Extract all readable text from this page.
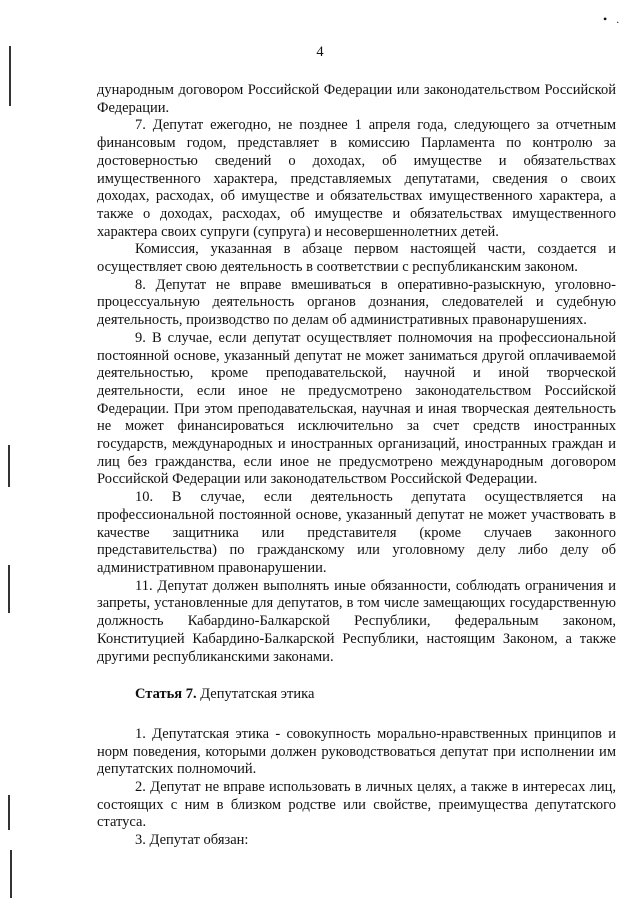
• .
4

дународным договором Российской Федерации или законодательством Российской Федерации.

7. Депутат ежегодно, не позднее 1 апреля года, следующего за отчетным финансовым годом, представляет в комиссию Парламента по контролю за достоверностью сведений о доходах, об имуществе и обязательствах имущественного характера, представляемых депутатами, сведения о своих доходах, расходах, об имуществе и обязательствах имущественного характера, а также о доходах, расходах, об имуществе и обязательствах имущественного характера своих супруги (супруга) и несовершеннолетних детей.

Комиссия, указанная в абзаце первом настоящей части, создается и осуществляет свою деятельность в соответствии с республиканским законом.

8. Депутат не вправе вмешиваться в оперативно-разыскную, уголовно-процессуальную деятельность органов дознания, следователей и судебную деятельность, производство по делам об административных правонарушениях.

9. В случае, если депутат осуществляет полномочия на профессиональной постоянной основе, указанный депутат не может заниматься другой оплачиваемой деятельностью, кроме преподавательской, научной и иной творческой деятельности, если иное не предусмотрено законодательством Российской Федерации. При этом преподавательская, научная и иная творческая деятельность не может финансироваться исключительно за счет средств иностранных государств, международных и иностранных организаций, иностранных граждан и лиц без гражданства, если иное не предусмотрено международным договором Российской Федерации или законодательством Российской Федерации.

10. В случае, если деятельность депутата осуществляется на профессиональной постоянной основе, указанный депутат не может участвовать в качестве защитника или представителя (кроме случаев законного представительства) по гражданскому или уголовному делу либо делу об административном правонарушении.

11. Депутат должен выполнять иные обязанности, соблюдать ограничения и запреты, установленные для депутатов, в том числе замещающих государственную должность Кабардино-Балкарской Республики, федеральным законом, Конституцией Кабардино-Балкарской Республики, настоящим Законом, а также другими республиканскими законами.

Статья 7. Депутатская этика

1. Депутатская этика - совокупность морально-нравственных принципов и норм поведения, которыми должен руководствоваться депутат при исполнении им депутатских полномочий.

2. Депутат не вправе использовать в личных целях, а также в интересах лиц, состоящих с ним в близком родстве или свойстве, преимущества депутатского статуса.

3. Депутат обязан:
